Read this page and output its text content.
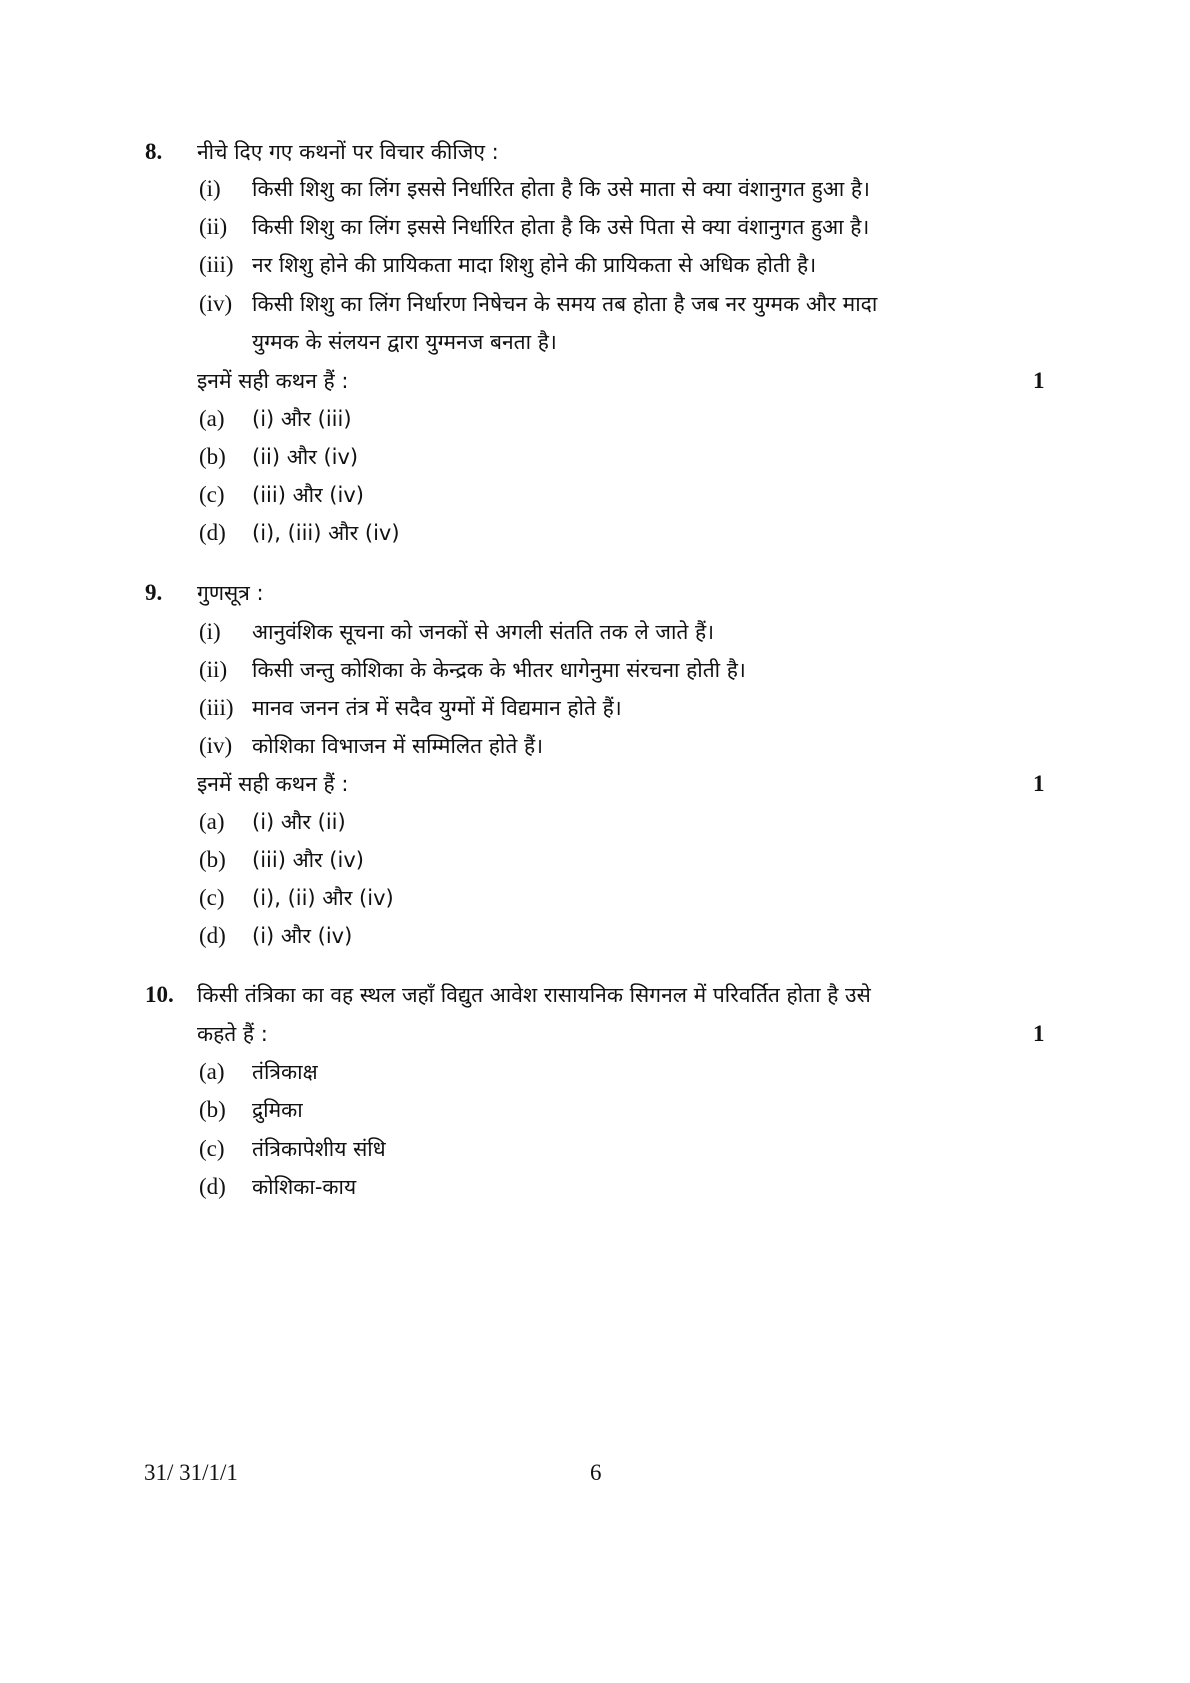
8. नीचे दिए गए कथनों पर विचार कीजिए :
(i) किसी शिशु का लिंग इससे निर्धारित होता है कि उसे माता से क्या वंशानुगत हुआ है।
(ii) किसी शिशु का लिंग इससे निर्धारित होता है कि उसे पिता से क्या वंशानुगत हुआ है।
(iii) नर शिशु होने की प्रायिकता मादा शिशु होने की प्रायिकता से अधिक होती है।
(iv) किसी शिशु का लिंग निर्धारण निषेचन के समय तब होता है जब नर युग्मक और मादा
युग्मक के संलयन द्वारा युग्मनज बनता है।
इनमें सही कथन हैं :	1
(a) (i) और (iii)
(b) (ii) और (iv)
(c) (iii) और (iv)
(d) (i), (iii) और (iv)
9. गुणसूत्र :
(i) आनुवंशिक सूचना को जनकों से अगली संतति तक ले जाते हैं।
(ii) किसी जन्तु कोशिका के केन्द्रक के भीतर धागेनुमा संरचना होती है।
(iii) मानव जनन तंत्र में सदैव युग्मों में विद्यमान होते हैं।
(iv) कोशिका विभाजन में सम्मिलित होते हैं।
इनमें सही कथन हैं :	1
(a) (i) और (ii)
(b) (iii) और (iv)
(c) (i), (ii) और (iv)
(d) (i) और (iv)
10. किसी तंत्रिका का वह स्थल जहाँ विद्युत आवेश रासायनिक सिगनल में परिवर्तित होता है उसे
कहते हैं :	1
(a) तंत्रिकाक्ष
(b) द्रुमिका
(c) तंत्रिकापेशीय संधि
(d) कोशिका-काय
31/ 31/1/1	6
